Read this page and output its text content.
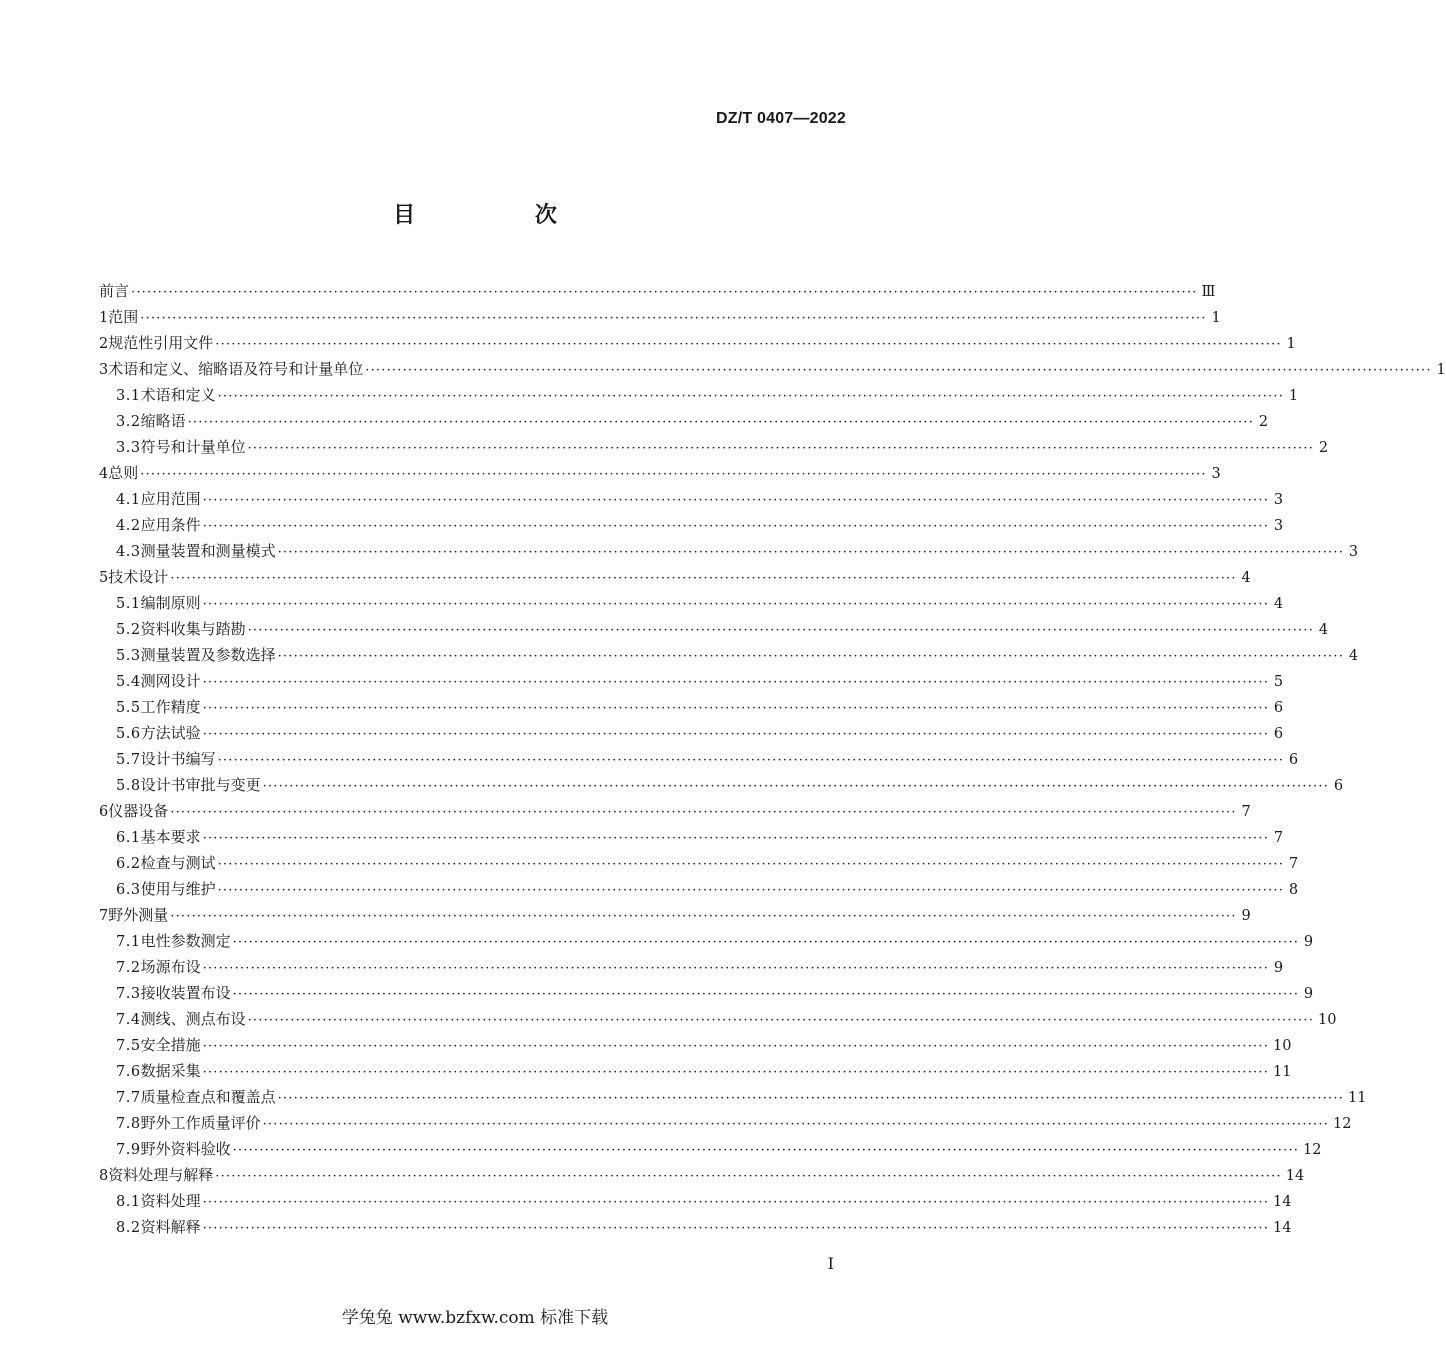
DZ/T 0407—2022
目 次
前言 ········································································································································································································ Ⅲ
1 范围 ········································································································································································································ 1
2 规范性引用文件 ········································································································································································································ 1
3 术语和定义、缩略语及符号和计量单位 ········································································································································································································ 1
3.1 术语和定义 ········································································································································································································ 1
3.2 缩略语 ········································································································································································································ 2
3.3 符号和计量单位 ········································································································································································································ 2
4 总则 ········································································································································································································ 3
4.1 应用范围 ········································································································································································································ 3
4.2 应用条件 ········································································································································································································ 3
4.3 测量装置和测量模式 ········································································································································································································ 3
5 技术设计 ········································································································································································································ 4
5.1 编制原则 ········································································································································································································ 4
5.2 资料收集与踏勘 ········································································································································································································ 4
5.3 测量装置及参数选择 ········································································································································································································ 4
5.4 测网设计 ········································································································································································································ 5
5.5 工作精度 ········································································································································································································ 6
5.6 方法试验 ········································································································································································································ 6
5.7 设计书编写 ········································································································································································································ 6
5.8 设计书审批与变更 ········································································································································································································ 6
6 仪器设备 ········································································································································································································ 7
6.1 基本要求 ········································································································································································································ 7
6.2 检查与测试 ········································································································································································································ 7
6.3 使用与维护 ········································································································································································································ 8
7 野外测量 ········································································································································································································ 9
7.1 电性参数测定 ········································································································································································································ 9
7.2 场源布设 ········································································································································································································ 9
7.3 接收装置布设 ········································································································································································································ 9
7.4 测线、测点布设 ········································································································································································································ 10
7.5 安全措施 ········································································································································································································ 10
7.6 数据采集 ········································································································································································································ 11
7.7 质量检查点和覆盖点 ········································································································································································································ 11
7.8 野外工作质量评价 ········································································································································································································ 12
7.9 野外资料验收 ········································································································································································································ 12
8 资料处理与解释 ········································································································································································································ 14
8.1 资料处理 ········································································································································································································ 14
8.2 资料解释 ········································································································································································································ 14
I
学兔兔 www.bzfxw.com 标准下载
